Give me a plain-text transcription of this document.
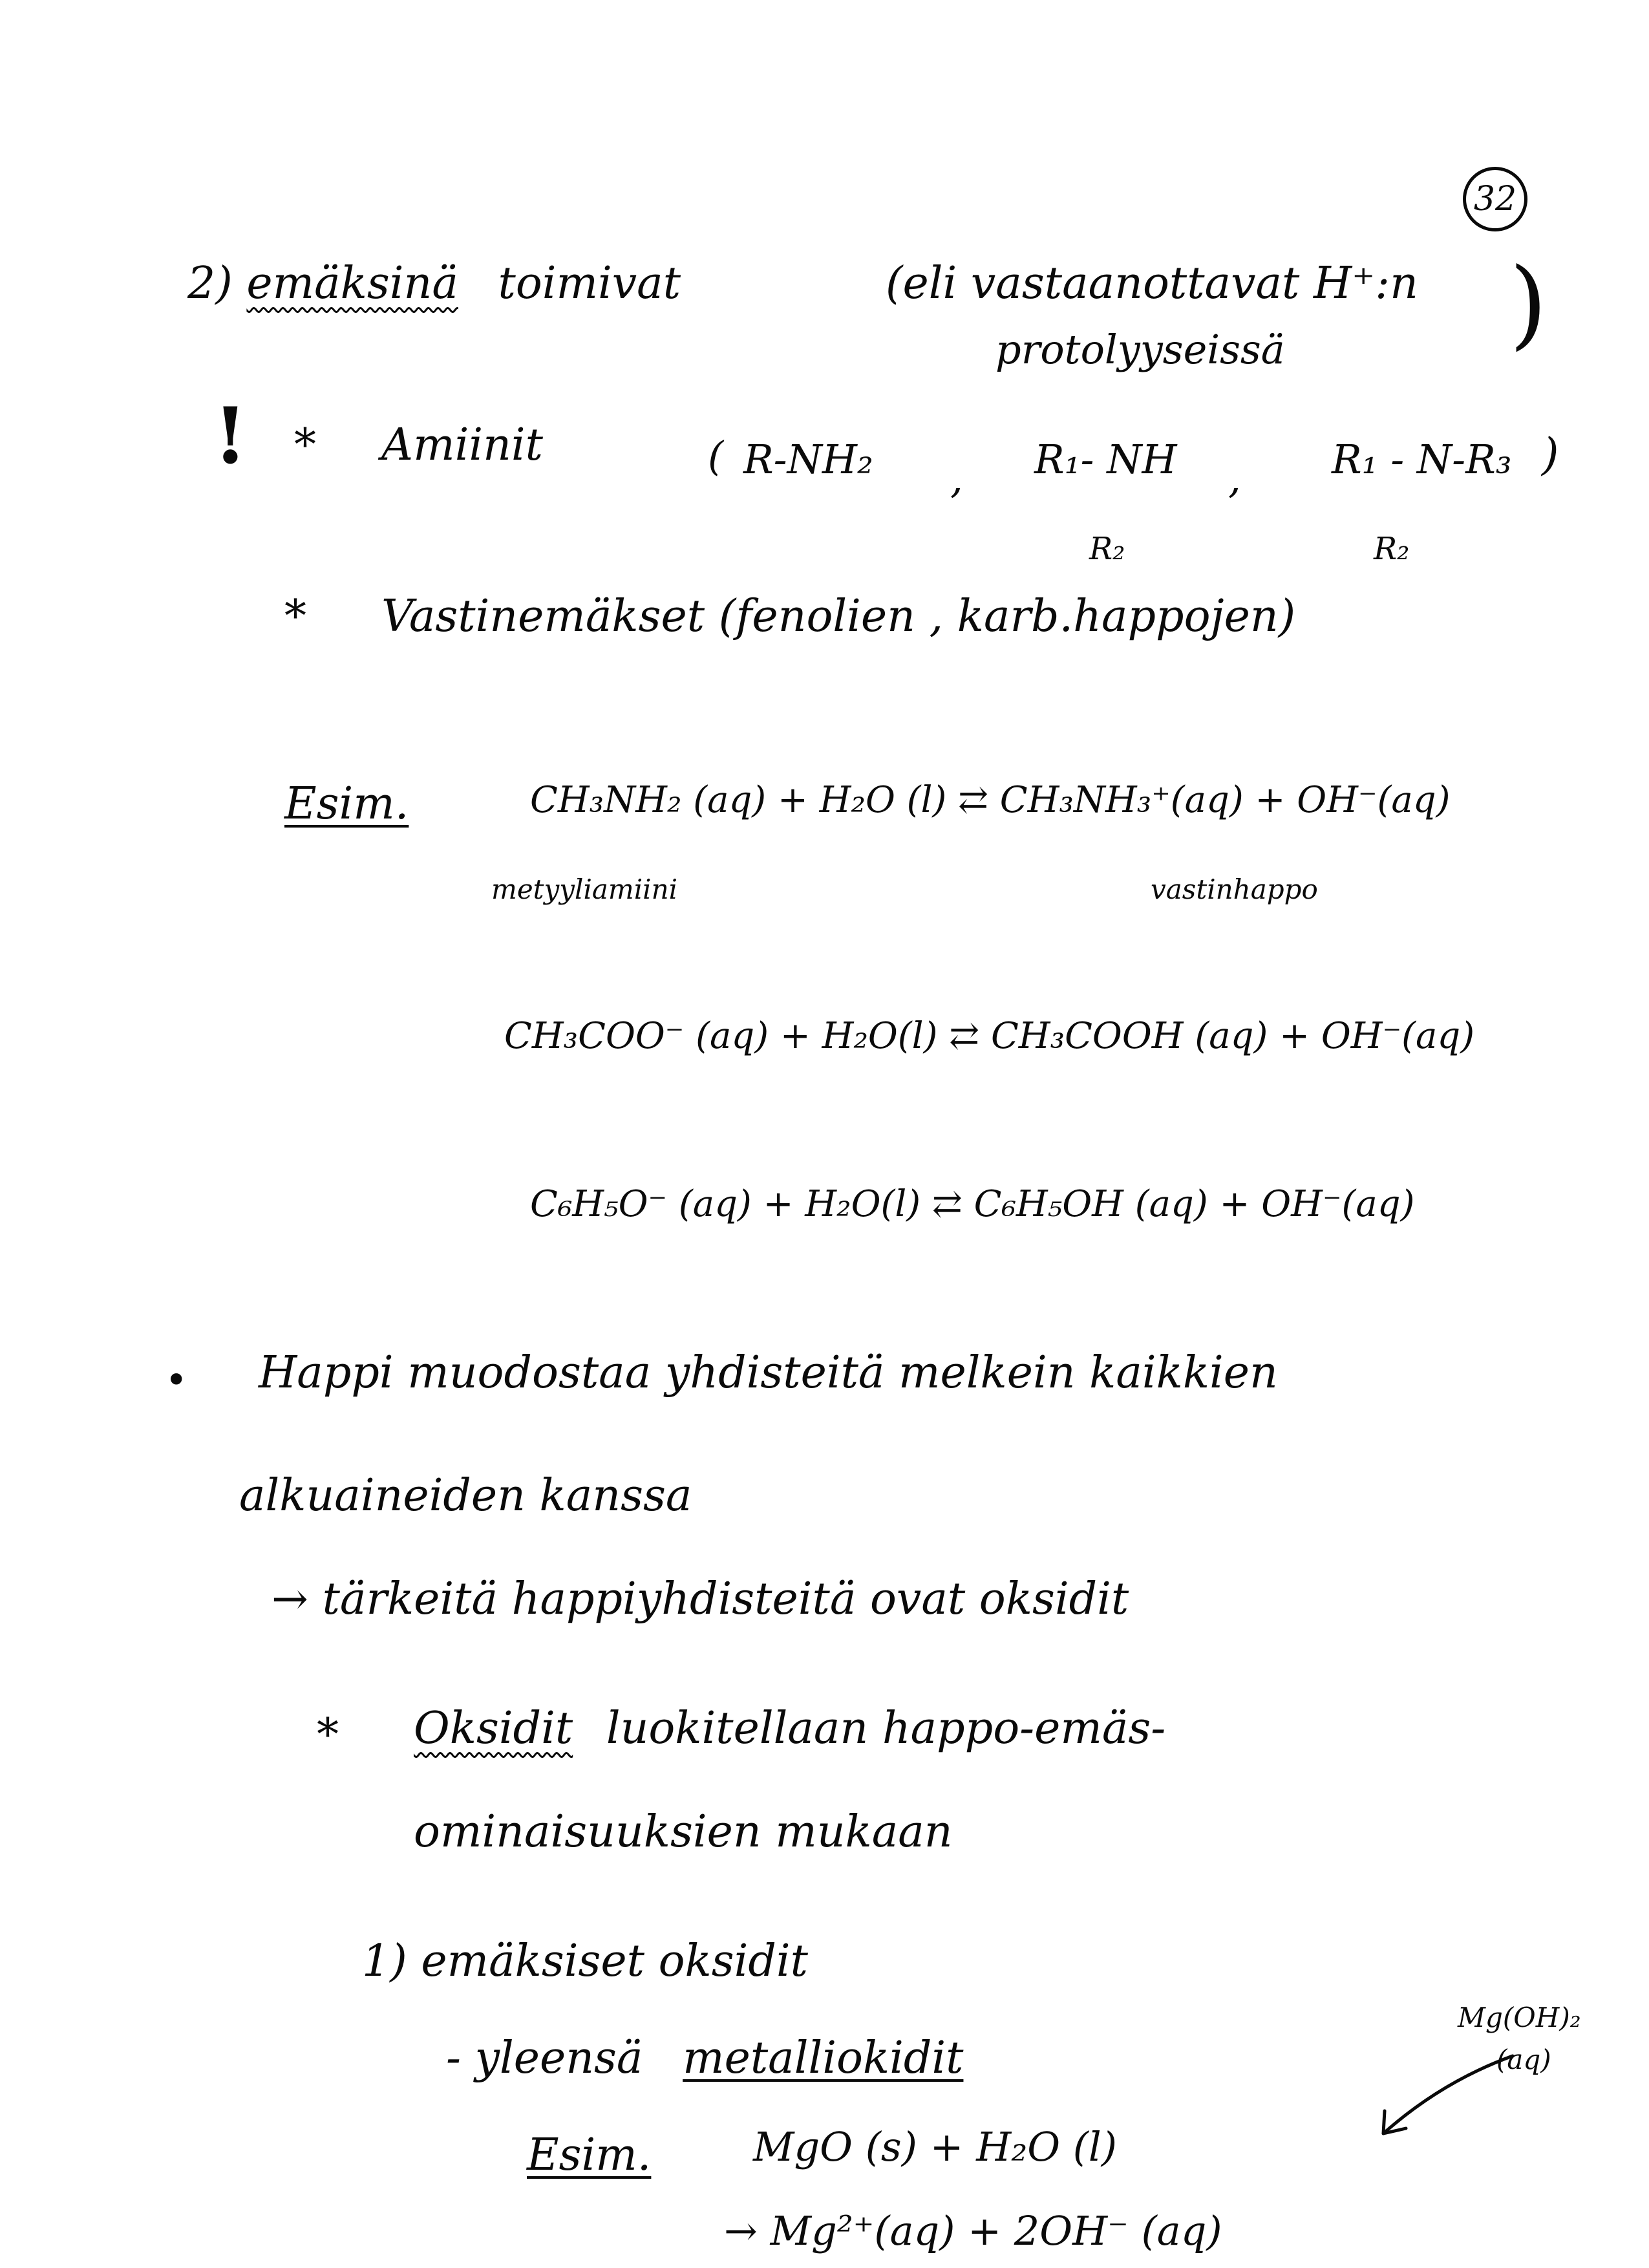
32
2) emäksinä toimivat	(eli vastaanottavat H⁺:n
protolyyseissä )
! * Amiinit	( R-NH₂ , R₁- NH
R₂
, R₁ - N-R₃
R₂
)
* Vastinemäkset (fenolien , karb.happojen)
Esim.	CH₃NH₂ (aq) + H₂O (l) ⇄ CH₃NH₃⁺(aq) + OH⁻(aq)
metyyliamiini	vastinhappo
CH₃COO⁻ (aq) + H₂O(l) ⇄ CH₃COOH (aq) + OH⁻(aq)
C₆H₅O⁻ (aq) + H₂O(l) ⇄ C₆H₅OH (aq) + OH⁻(aq)
• Happi muodostaa yhdisteitä melkein kaikkien
alkuaineiden kanssa
→ tärkeitä happiyhdisteitä ovat oksidit
* Oksidit luokitellaan happo-emäs-
ominaisuuksien mukaan
1) emäksiset oksidit
- yleensä metalliokidit
Mg(OH)₂
(aq)
Esim.	MgO (s) + H₂O (l)
→ Mg²⁺(aq) + 2OH⁻ (aq)
